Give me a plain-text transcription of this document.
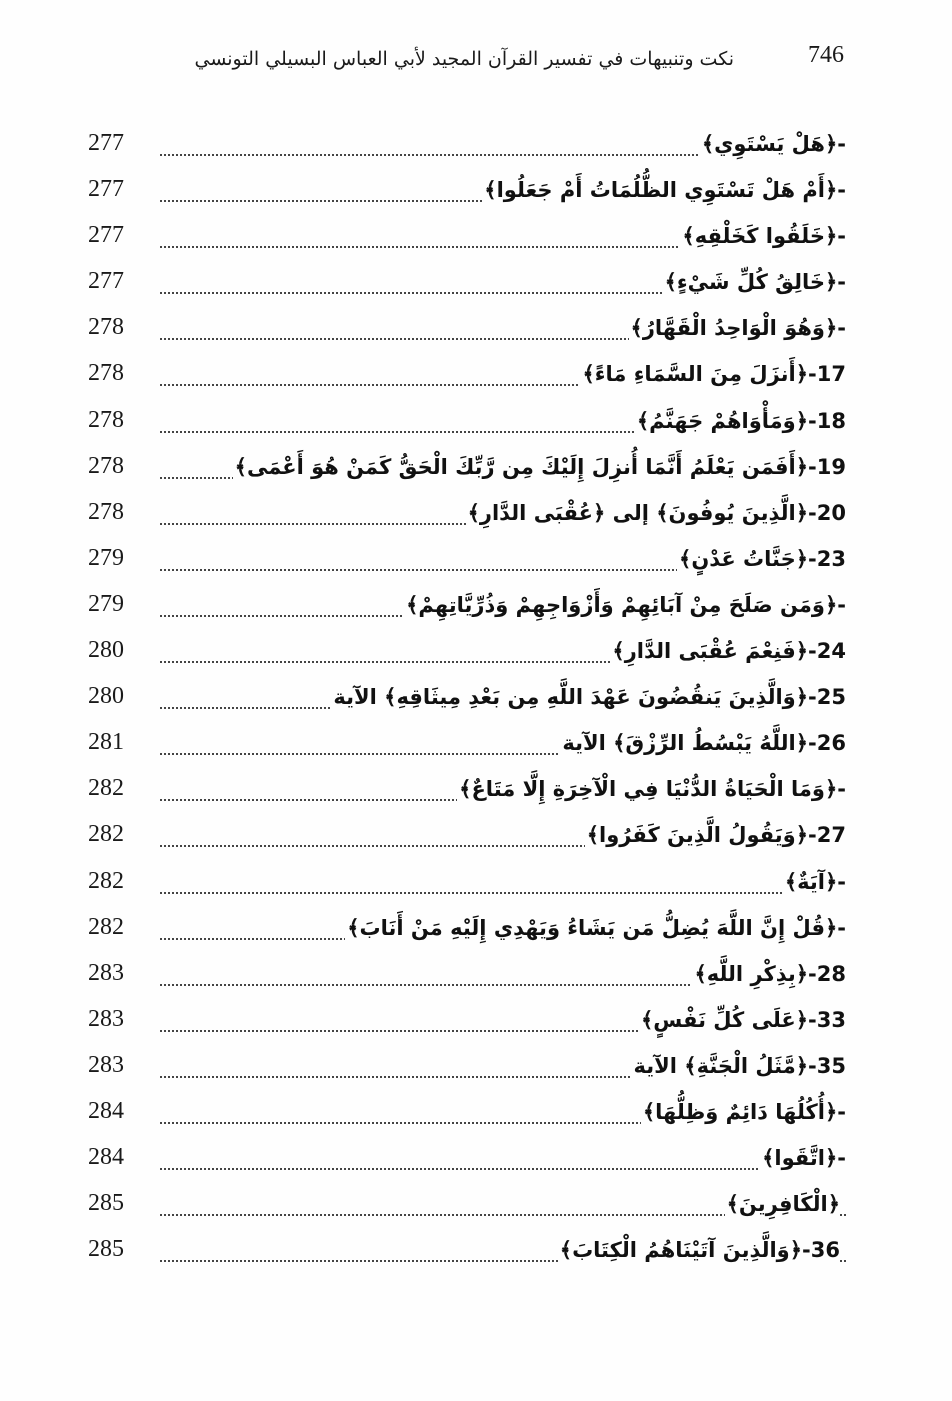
746
نكت وتنبيهات في تفسير القرآن المجيد لأبي العباس البسيلي التونسي
-﴿هَلْ يَسْتَوِي﴾
277
-﴿أَمْ هَلْ تَسْتَوِي الظُّلُمَاتُ أَمْ جَعَلُوا﴾
277
-﴿خَلَقُوا كَخَلْقِهِ﴾
277
-﴿خَالِقُ كُلِّ شَيْءٍ﴾
277
-﴿وَهُوَ الْوَاحِدُ الْقَهَّارُ﴾
278
17-﴿أَنزَلَ مِنَ السَّمَاءِ مَاءً﴾
278
18-﴿وَمَأْوَاهُمْ جَهَنَّمُ﴾
278
19-﴿أَفَمَن يَعْلَمُ أَنَّمَا أُنزِلَ إِلَيْكَ مِن رَّبِّكَ الْحَقُّ كَمَنْ هُوَ أَعْمَى﴾
278
20-﴿الَّذِينَ يُوفُونَ﴾ إلى ﴿عُقْبَى الدَّارِ﴾
278
23-﴿جَنَّاتُ عَدْنٍ﴾
279
-﴿وَمَن صَلَحَ مِنْ آبَائِهِمْ وَأَزْوَاجِهِمْ وَذُرِّيَّاتِهِمْ﴾
279
24-﴿فَنِعْمَ عُقْبَى الدَّارِ﴾
280
25-﴿وَالَّذِينَ يَنقُضُونَ عَهْدَ اللَّهِ مِن بَعْدِ مِيثَاقِهِ﴾ الآية
280
26-﴿اللَّهُ يَبْسُطُ الرِّزْقَ﴾ الآية
281
-﴿وَمَا الْحَيَاةُ الدُّنْيَا فِي الْآخِرَةِ إِلَّا مَتَاعٌ﴾
282
27-﴿وَيَقُولُ الَّذِينَ كَفَرُوا﴾
282
-﴿آيَةٌ﴾
282
-﴿قُلْ إِنَّ اللَّهَ يُضِلُّ مَن يَشَاءُ وَيَهْدِي إِلَيْهِ مَنْ أَنَابَ﴾
282
28-﴿بِذِكْرِ اللَّهِ﴾
283
33-﴿عَلَى كُلِّ نَفْسٍ﴾
283
35-﴿مَّثَلُ الْجَنَّةِ﴾ الآية
283
-﴿أُكُلُهَا دَائِمٌ وَظِلُّهَا﴾
284
-﴿اتَّقَوا﴾
284
﴿الْكَافِرِينَ﴾
285
36-﴿وَالَّذِينَ آتَيْنَاهُمُ الْكِتَابَ﴾
285
